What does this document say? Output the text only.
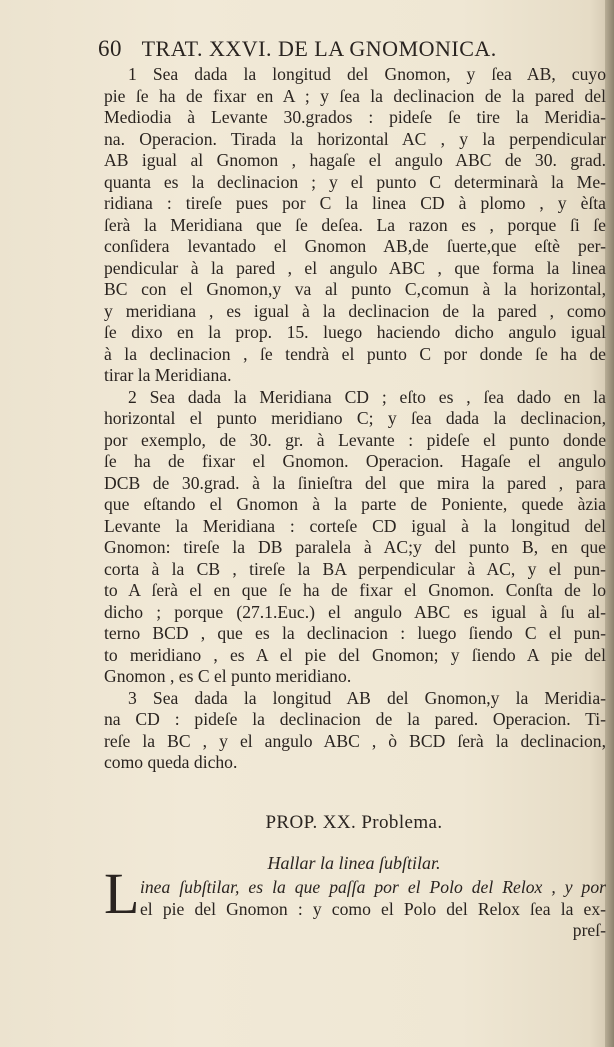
60 TRAT. XXVI. DE LA GNOMONICA.
1 Sea dada la longitud del Gnomon, y ſea AB, cuyo
pie ſe ha de fixar en A ; y ſea la declinacion de la pared del
Mediodia à Levante 30.grados : pideſe ſe tire la Meridia-
na. Operacion. Tirada la horizontal AC , y la perpendicular
AB igual al Gnomon , hagaſe el angulo ABC de 30. grad.
quanta es la declinacion ; y el punto C determinarà la Me-
ridiana : tireſe pues por C la linea CD à plomo , y èſta
ſerà la Meridiana que ſe deſea. La razon es , porque ſi ſe
conſidera levantado el Gnomon AB,de ſuerte,que eſtè per-
pendicular à la pared , el angulo ABC , que forma la linea
BC con el Gnomon,y va al punto C,comun à la horizontal,
y meridiana , es igual à la declinacion de la pared , como
ſe dixo en la prop. 15. luego haciendo dicho angulo igual
à la declinacion , ſe tendrà el punto C por donde ſe ha de
tirar la Meridiana.
2 Sea dada la Meridiana CD ; eſto es , ſea dado en la
horizontal el punto meridiano C; y ſea dada la declinacion,
por exemplo, de 30. gr. à Levante : pideſe el punto donde
ſe ha de fixar el Gnomon. Operacion. Hagaſe el angulo
DCB de 30.grad. à la ſinieſtra del que mira la pared , para
que eſtando el Gnomon à la parte de Poniente, quede àzia
Levante la Meridiana : corteſe CD igual à la longitud del
Gnomon: tireſe la DB paralela à AC;y del punto B, en que
corta à la CB , tireſe la BA perpendicular à AC, y el pun-
to A ſerà el en que ſe ha de fixar el Gnomon. Conſta de lo
dicho ; porque (27.1.Euc.) el angulo ABC es igual à ſu al-
terno BCD , que es la declinacion : luego ſiendo C el pun-
to meridiano , es A el pie del Gnomon; y ſiendo A pie del
Gnomon , es C el punto meridiano.
3 Sea dada la longitud AB del Gnomon,y la Meridia-
na CD : pideſe la declinacion de la pared. Operacion. Ti-
reſe la BC , y el angulo ABC , ò BCD ſerà la declinacion,
como queda dicho.
PROP. XX. Problema.
Hallar la linea ſubſtilar.
L inea ſubſtilar, es la que paſſa por el Polo del Relox , y por
el pie del Gnomon : y como el Polo del Relox ſea la ex-
preſ-
